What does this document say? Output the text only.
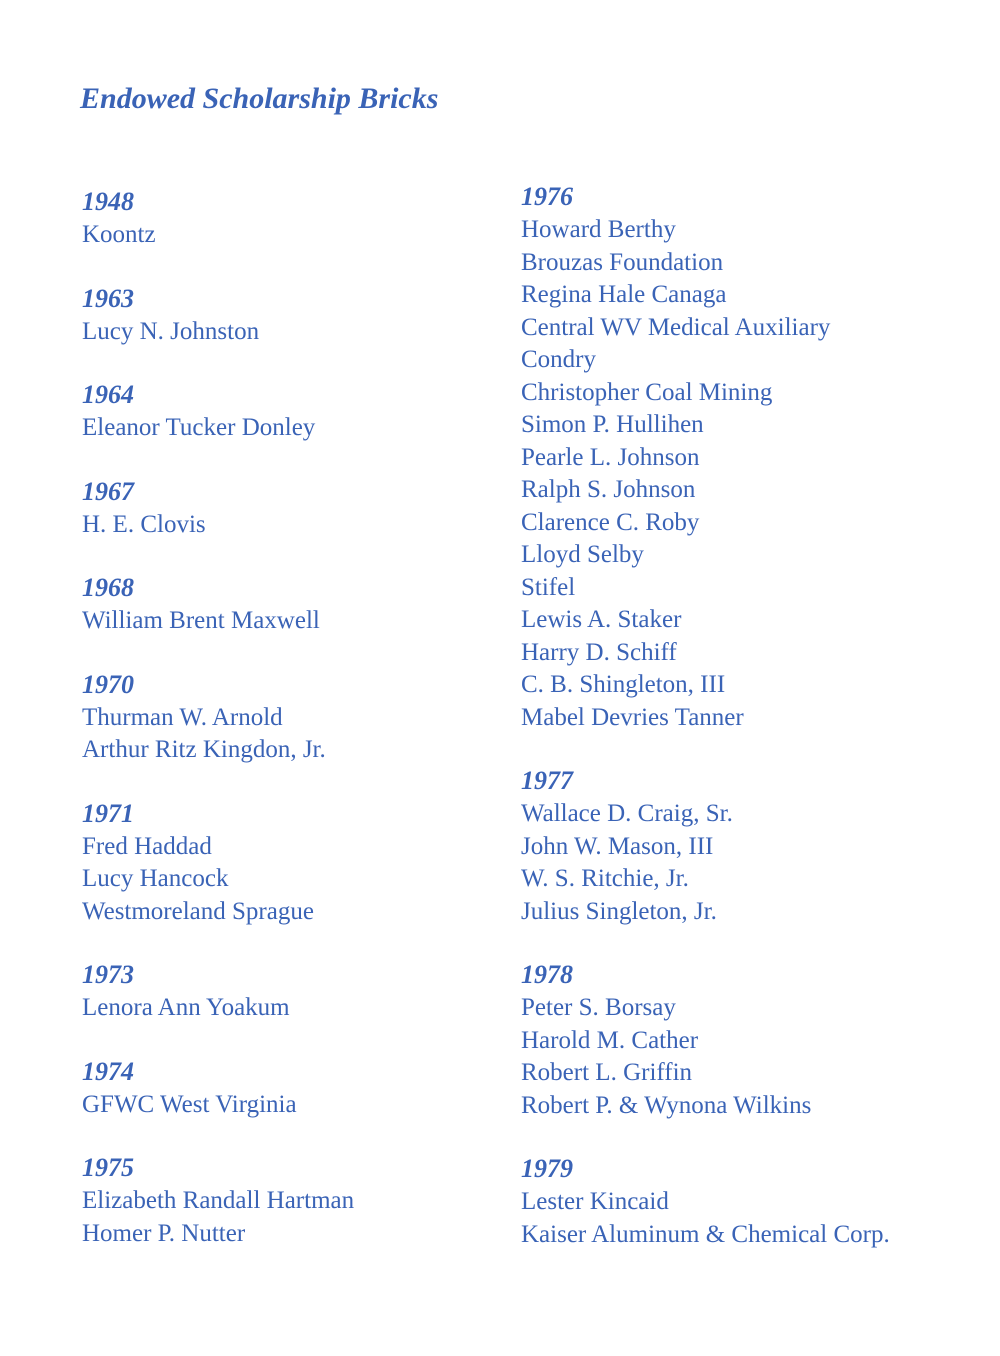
Endowed Scholarship Bricks
1948
Koontz
1963
Lucy N. Johnston
1964
Eleanor Tucker Donley
1967
H. E. Clovis
1968
William Brent Maxwell
1970
Thurman W. Arnold
Arthur Ritz Kingdon, Jr.
1971
Fred Haddad
Lucy Hancock
Westmoreland Sprague
1973
Lenora Ann Yoakum
1974
GFWC West Virginia
1975
Elizabeth Randall Hartman
Homer P. Nutter
1976
Howard Berthy
Brouzas Foundation
Regina Hale Canaga
Central WV Medical Auxiliary
Condry
Christopher Coal Mining
Simon P. Hullihen
Pearle L. Johnson
Ralph S. Johnson
Clarence C. Roby
Lloyd Selby
Stifel
Lewis A. Staker
Harry D. Schiff
C. B. Shingleton, III
Mabel Devries Tanner
1977
Wallace D. Craig, Sr.
John W. Mason, III
W. S. Ritchie, Jr.
Julius Singleton, Jr.
1978
Peter S. Borsay
Harold M. Cather
Robert L. Griffin
Robert P. & Wynona Wilkins
1979
Lester Kincaid
Kaiser Aluminum & Chemical Corp.
